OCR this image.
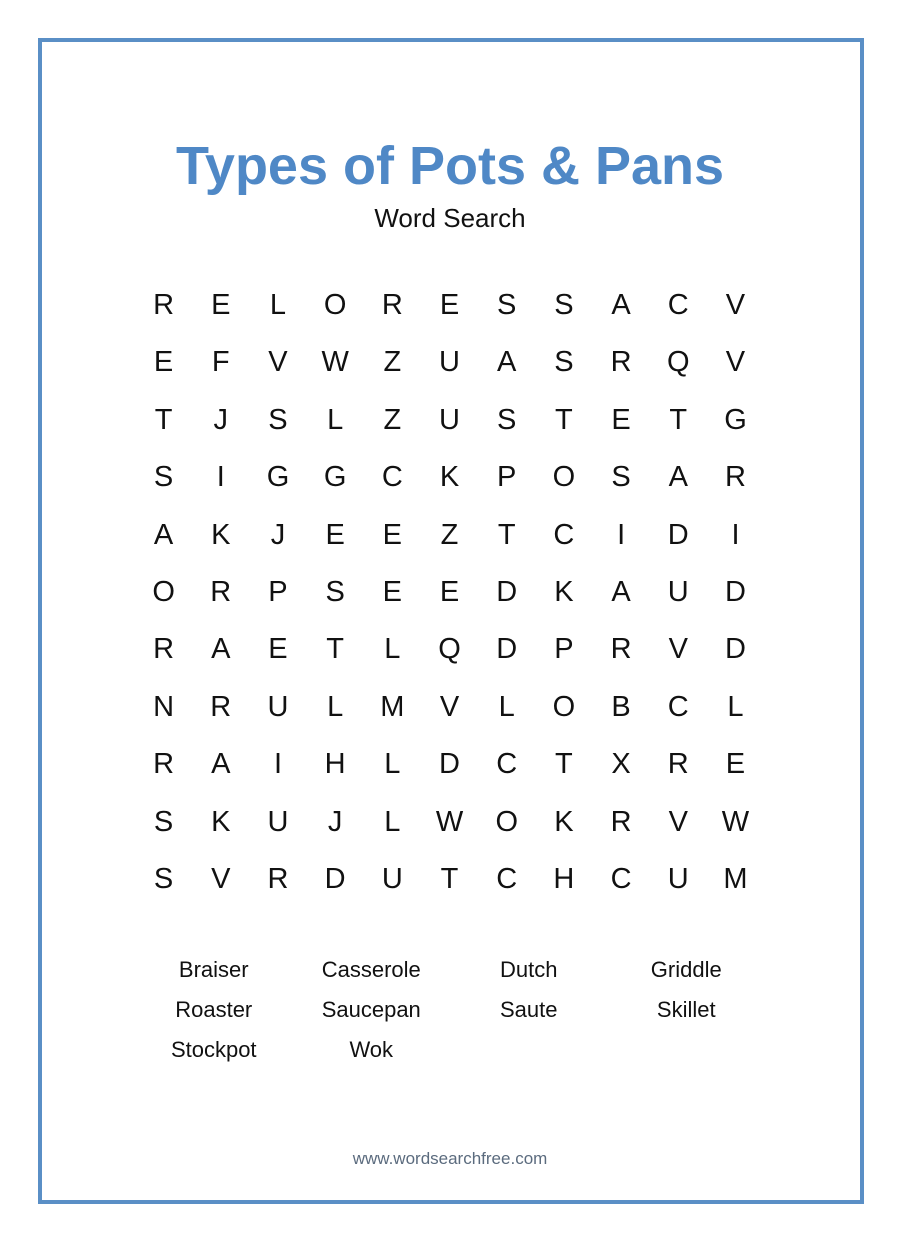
Types of Pots & Pans
Word Search
R	E	L	O	R	E	S	S	A	C	V
E	F	V	W	Z	U	A	S	R	Q	V
T	J	S	L	Z	U	S	T	E	T	G
S	I	G	G	C	K	P	O	S	A	R
A	K	J	E	E	Z	T	C	I	D	I
O	R	P	S	E	E	D	K	A	U	D
R	A	E	T	L	Q	D	P	R	V	D
N	R	U	L	M	V	L	O	B	C	L
R	A	I	H	L	D	C	T	X	R	E
S	K	U	J	L	W	O	K	R	V	W
S	V	R	D	U	T	C	H	C	U	M
Braiser	Casserole	Dutch	Griddle
Roaster	Saucepan	Saute	Skillet
Stockpot	Wok
www.wordsearchfree.com
